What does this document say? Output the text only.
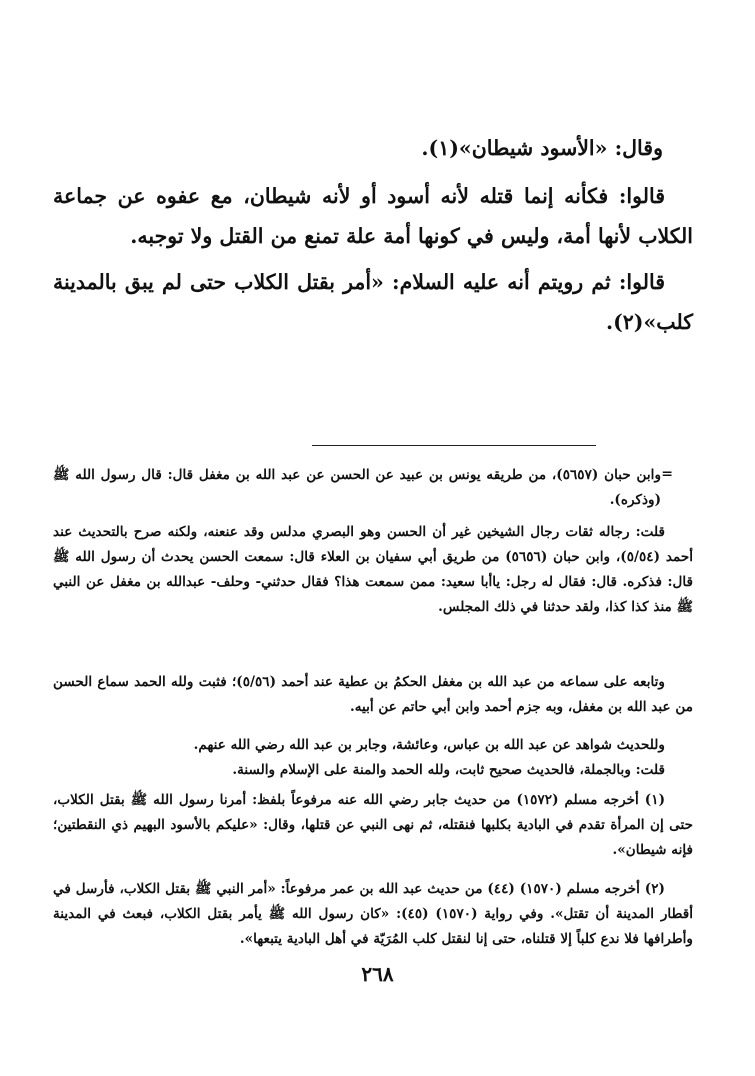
وقال: «الأسود شيطان»(١).

قالوا: فكأنه إنما قتله لأنه أسود أو لأنه شيطان، مع عفوه عن جماعة الكلاب لأنها أمة، وليس في كونها أمة علة تمنع من القتل ولا توجبه.

قالوا: ثم رويتم أنه عليه السلام: «أمر بقتل الكلاب حتى لم يبق بالمدينة كلب»(٢).

=

وابن حبان (٥٦٥٧)، من طريقه يونس بن عبيد عن الحسن عن عبد الله بن مغفل قال: قال رسول الله ﷺ (وذكره).

قلت: رجاله ثقات رجال الشيخين غير أن الحسن وهو البصري مدلس وقد عنعنه، ولكنه صرح بالتحديث عند أحمد (٥/٥٤)، وابن حبان (٥٦٥٦) من طريق أبي سفيان بن العلاء قال: سمعت الحسن يحدث أن رسول الله ﷺ قال: فذكره. قال: فقال له رجل: ياأبا سعيد: ممن سمعت هذا؟ فقال حدثني- وحلف- عبدالله بن مغفل عن النبي ﷺ منذ كذا كذا، ولقد حدثنا في ذلك المجلس.

وتابعه على سماعه من عبد الله بن مغفل الحكمُ بن عطية عند أحمد (٥/٥٦)؛ فثبت ولله الحمد سماع الحسن من عبد الله بن مغفل، وبه جزم أحمد وابن أبي حاتم عن أبيه.

وللحديث شواهد عن عبد الله بن عباس، وعائشة، وجابر بن عبد الله رضي الله عنهم.

قلت: وبالجملة، فالحديث صحيح ثابت، ولله الحمد والمنة على الإسلام والسنة.

(١) أخرجه مسلم (١٥٧٢) من حديث جابر رضي الله عنه مرفوعاً بلفظ: أمرنا رسول الله ﷺ بقتل الكلاب، حتى إن المرأة تقدم في البادية بكلبها فنقتله، ثم نهى النبي عن قتلها، وقال: «عليكم بالأسود البهيم ذي النقطتين؛ فإنه شيطان».

(٢) أخرجه مسلم (١٥٧٠) (٤٤) من حديث عبد الله بن عمر مرفوعاً: «أمر النبي ﷺ بقتل الكلاب، فأرسل في أقطار المدينة أن تقتل». وفي رواية (١٥٧٠) (٤٥): «كان رسول الله ﷺ يأمر بقتل الكلاب، فبعث في المدينة وأطرافها فلا ندع كلباً إلا قتلناه، حتى إنا لنقتل كلب المُرَيّة في أهل البادية يتبعها».

٢٦٨
